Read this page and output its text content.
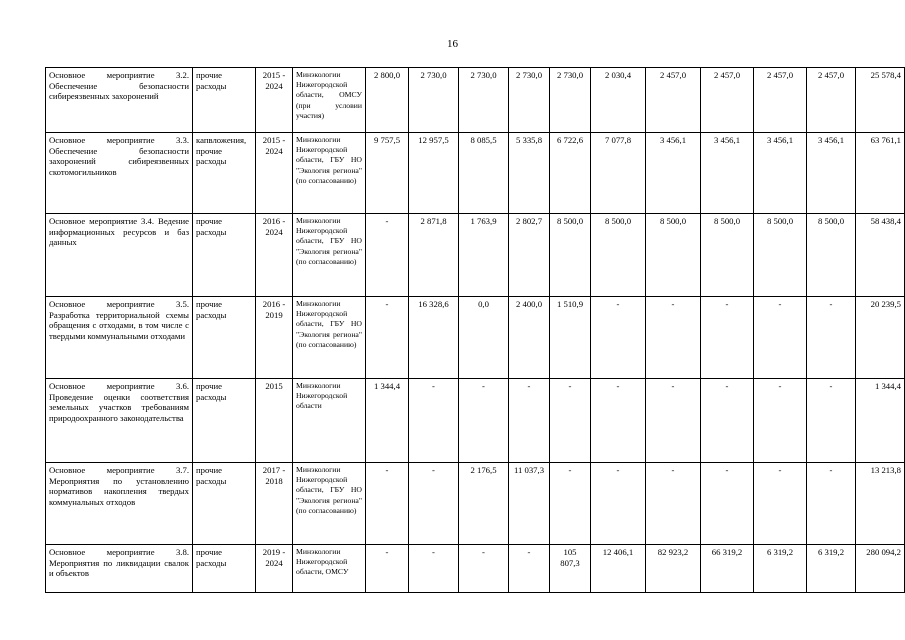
16
Основное мероприятие 3.2. Обеспечение безопасности сибиреязвенных захоронений	прочие расходы	2015 - 2024	Минэкологии Нижегородской области, ОМСУ (при условии участия)	2 800,0	2 730,0	2 730,0	2 730,0	2 730,0	2 030,4	2 457,0	2 457,0	2 457,0	2 457,0	25 578,4
Основное мероприятие 3.3. Обеспечение безопасности захоронений сибиреязвенных скотомогильников	капвложения, прочие расходы	2015 - 2024	Минэкологии Нижегородской области, ГБУ НО "Экология региона" (по согласованию)	9 757,5	12 957,5	8 085,5	5 335,8	6 722,6	7 077,8	3 456,1	3 456,1	3 456,1	3 456,1	63 761,1
Основное мероприятие 3.4. Ведение информационных ресурсов и баз данных	прочие расходы	2016 - 2024	Минэкологии Нижегородской области, ГБУ НО "Экология региона" (по согласованию)	-	2 871,8	1 763,9	2 802,7	8 500,0	8 500,0	8 500,0	8 500,0	8 500,0	8 500,0	58 438,4
Основное мероприятие 3.5. Разработка территориальной схемы обращения с отходами, в том числе с твердыми коммунальными отходами	прочие расходы	2016 - 2019	Минэкологии Нижегородской области, ГБУ НО "Экология региона" (по согласованию)	-	16 328,6	0,0	2 400,0	1 510,9	-	-	-	-	-	20 239,5
Основное мероприятие 3.6. Проведение оценки соответствия земельных участков требованиям природоохранного законодательства	прочие расходы	2015	Минэкологии Нижегородской области	1 344,4	-	-	-	-	-	-	-	-	-	1 344,4
Основное мероприятие 3.7. Мероприятия по установлению нормативов накопления твердых коммунальных отходов	прочие расходы	2017 - 2018	Минэкологии Нижегородской области, ГБУ НО "Экология региона" (по согласованию)	-	-	2 176,5	11 037,3	-	-	-	-	-	-	13 213,8
Основное мероприятие 3.8. Мероприятия по ликвидации свалок и объектов	прочие расходы	2019 - 2024	Минэкологии Нижегородской области, ОМСУ	-	-	-	-	105 807,3	12 406,1	82 923,2	66 319,2	6 319,2	6 319,2	280 094,2
